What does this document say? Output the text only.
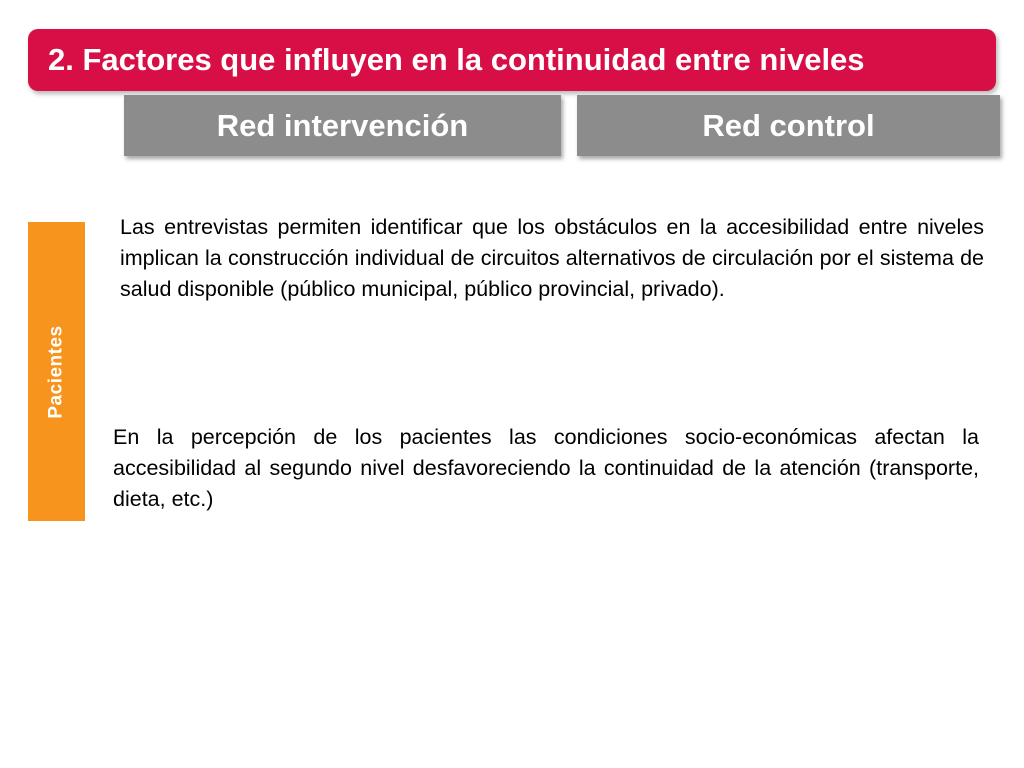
2. Factores que influyen en la continuidad entre niveles
Red intervención	Red control
Pacientes

Las entrevistas permiten identificar que los obstáculos en la accesibilidad entre niveles implican la construcción individual de circuitos alternativos de circulación por el sistema de salud disponible (público municipal, público provincial, privado).

En la percepción de los pacientes las condiciones socio-económicas afectan la accesibilidad al segundo nivel desfavoreciendo la continuidad de la atención (transporte, dieta, etc.)
